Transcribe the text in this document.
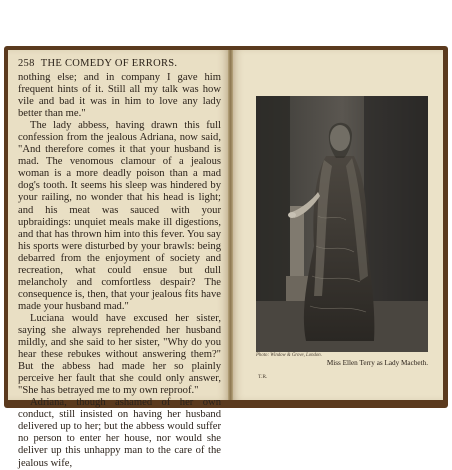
258 THE COMEDY OF ERRORS.

nothing else; and in company I gave him frequent hints of it. Still all my talk was how vile and bad it was in him to love any lady better than me."

The lady abbess, having drawn this full confession from the jealous Adriana, now said, "And therefore comes it that your husband is mad. The venomous clamour of a jealous woman is a more deadly poison than a mad dog's tooth. It seems his sleep was hindered by your railing, no wonder that his head is light; and his meat was sauced with your upbraidings: unquiet meals make ill digestions, and that has thrown him into this fever. You say his sports were disturbed by your brawls: being debarred from the enjoyment of society and recreation, what could ensue but dull melancholy and comfortless despair? The consequence is, then, that your jealous fits have made your husband mad."

Luciana would have excused her sister, saying she always reprehended her husband mildly, and she said to her sister, "Why do you hear these rebukes without answering them?" But the abbess had made her so plainly perceive her fault that she could only answer, "She has betrayed me to my own reproof."

Adriana, though ashamed of her own conduct, still insisted on having her husband delivered up to her; but the abbess would suffer no person to enter her house, nor would she deliver up this unhappy man to the care of the jealous wife,

Photo: Window & Grove, London.
Miss Ellen Terry as Lady Macbeth.
T.R.
